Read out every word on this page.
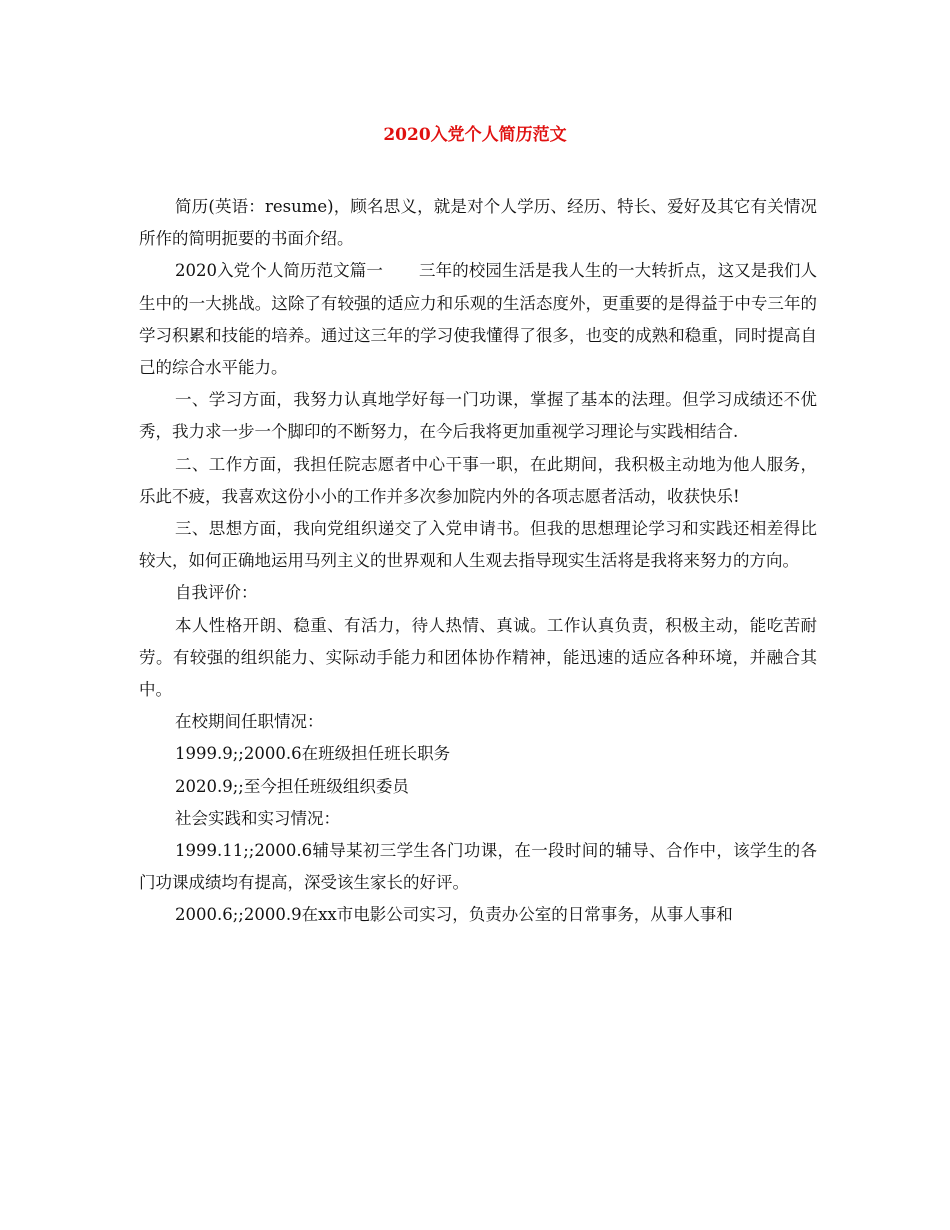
2020入党个人简历范文

简历(英语：resume)，顾名思义，就是对个人学历、经历、特长、爱好及其它有关情况所作的简明扼要的书面介绍。

2020入党个人简历范文篇一 三年的校园生活是我人生的一大转折点，这又是我们人生中的一大挑战。这除了有较强的适应力和乐观的生活态度外，更重要的是得益于中专三年的学习积累和技能的培养。通过这三年的学习使我懂得了很多，也变的成熟和稳重，同时提高自己的综合水平能力。

一、学习方面，我努力认真地学好每一门功课，掌握了基本的法理。但学习成绩还不优秀，我力求一步一个脚印的不断努力，在今后我将更加重视学习理论与实践相结合.

二、工作方面，我担任院志愿者中心干事一职，在此期间，我积极主动地为他人服务，乐此不疲，我喜欢这份小小的工作并多次参加院内外的各项志愿者活动，收获快乐!

三、思想方面，我向党组织递交了入党申请书。但我的思想理论学习和实践还相差得比较大，如何正确地运用马列主义的世界观和人生观去指导现实生活将是我将来努力的方向。

自我评价：

本人性格开朗、稳重、有活力，待人热情、真诚。工作认真负责，积极主动，能吃苦耐劳。有较强的组织能力、实际动手能力和团体协作精神，能迅速的适应各种环境，并融合其中。

在校期间任职情况：

1999.9;;2000.6在班级担任班长职务

2020.9;;至今担任班级组织委员

社会实践和实习情况：

1999.11;;2000.6辅导某初三学生各门功课，在一段时间的辅导、合作中，该学生的各门功课成绩均有提高，深受该生家长的好评。

2000.6;;2000.9在xx市电影公司实习，负责办公室的日常事务，从事人事和
